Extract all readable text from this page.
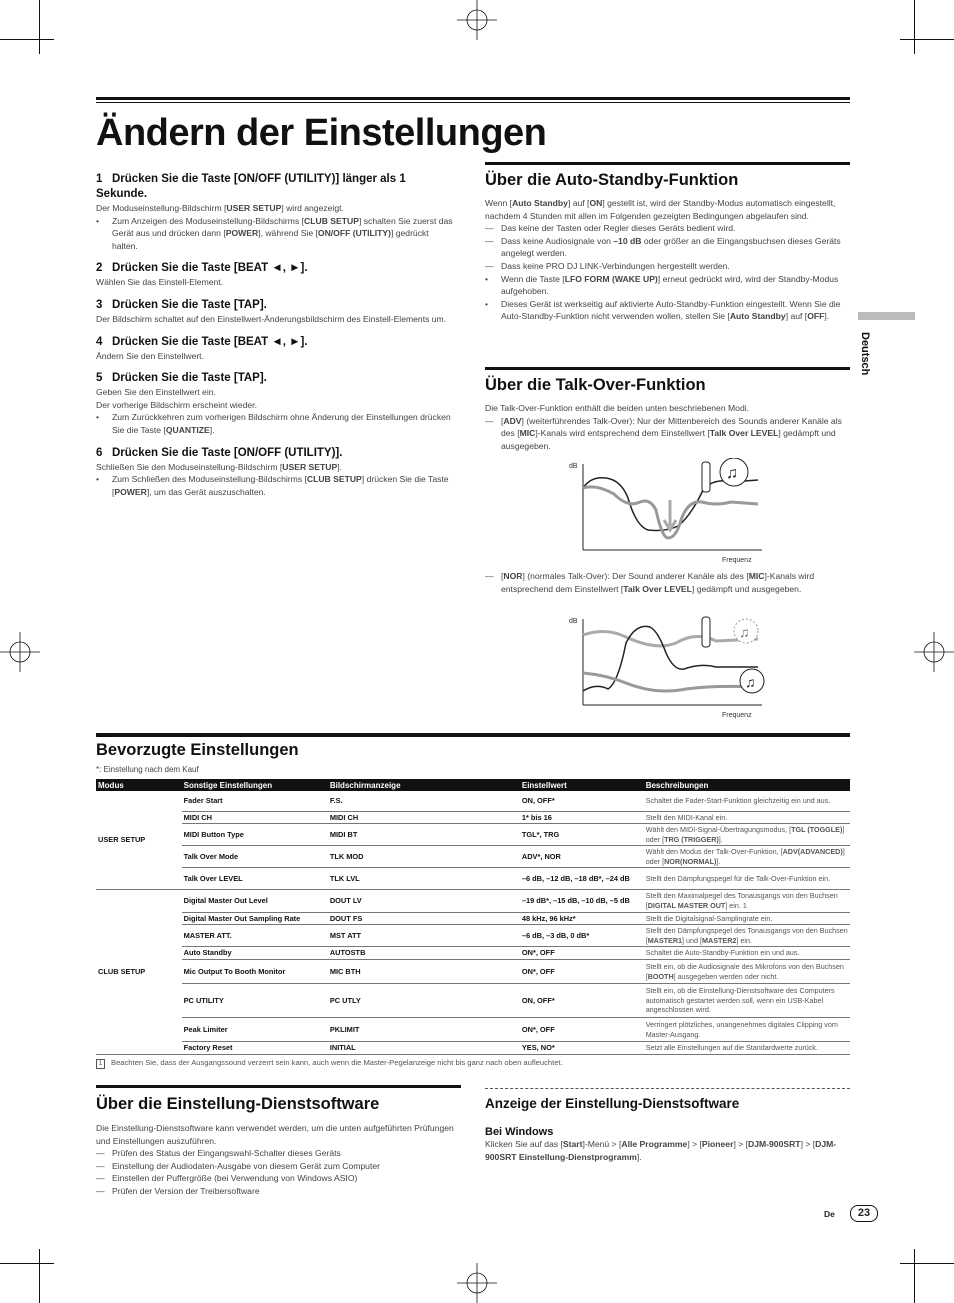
Ändern der Einstellungen

1 Drücken Sie die Taste [ON/OFF (UTILITY)] länger als 1 Sekunde.

Der Moduseinstellung-Bildschirm [USER SETUP] wird angezeigt.

• Zum Anzeigen des Moduseinstellung-Bildschirms [CLUB SETUP] schalten Sie zuerst das Gerät aus und drücken dann [POWER], während Sie [ON/OFF (UTILITY)] gedrückt halten.

2 Drücken Sie die Taste [BEAT ◄, ►].

Wählen Sie das Einstell-Element.

3 Drücken Sie die Taste [TAP].

Der Bildschirm schaltet auf den Einstellwert-Änderungsbildschirm des Einstell-Elements um.

4 Drücken Sie die Taste [BEAT ◄, ►].

Ändern Sie den Einstellwert.

5 Drücken Sie die Taste [TAP].

Geben Sie den Einstellwert ein.

Der vorherige Bildschirm erscheint wieder.

• Zum Zurückkehren zum vorherigen Bildschirm ohne Änderung der Einstellungen drücken Sie die Taste [QUANTIZE].

6 Drücken Sie die Taste [ON/OFF (UTILITY)].

Schließen Sie den Moduseinstellung-Bildschirm [USER SETUP].

• Zum Schließen des Moduseinstellung-Bildschirms [CLUB SETUP] drücken Sie die Taste [POWER], um das Gerät auszuschalten.

Über die Auto-Standby-Funktion

Wenn [Auto Standby] auf [ON] gestellt ist, wird der Standby-Modus automatisch eingestellt, nachdem 4 Stunden mit allen im Folgenden gezeigten Bedingungen abgelaufen sind.

— Das keine der Tasten oder Regler dieses Geräts bedient wird.

— Dass keine Audiosignale von –10 dB oder größer an die Eingangsbuchsen dieses Geräts angelegt werden.

— Dass keine PRO DJ LINK-Verbindungen hergestellt werden.

• Wenn die Taste [LFO FORM (WAKE UP)] erneut gedrückt wird, wird der Standby-Modus aufgehoben.

• Dieses Gerät ist werkseitig auf aktivierte Auto-Standby-Funktion eingestellt. Wenn Sie die Auto-Standby-Funktion nicht verwenden wollen, stellen Sie [Auto Standby] auf [OFF].

Über die Talk-Over-Funktion

Die Talk-Over-Funktion enthält die beiden unten beschriebenen Modi.

— [ADV] (weiterführendes Talk-Over): Nur der Mittenbereich des Sounds anderer Kanäle als des [MIC]-Kanals wird entsprechend dem Einstellwert [Talk Over LEVEL] gedämpft und ausgegeben.

dB	♫
Frequenz

— [NOR] (normales Talk-Over): Der Sound anderer Kanäle als des [MIC]-Kanals wird entsprechend dem Einstellwert [Talk Over LEVEL] gedämpft und ausgegeben.

dB
♫
♫
Frequenz

Bevorzugte Einstellungen

*: Einstellung nach dem Kauf

Modus	Sonstige Einstellungen	Bildschirmanzeige	Einstellwert	Beschreibungen
USER SETUP	Fader Start	F.S.	ON, OFF*	Schaltet die Fader-Start-Funktion gleichzeitig ein und aus.
	MIDI CH	MIDI CH	1* bis 16	Stellt den MIDI-Kanal ein.
	MIDI Button Type	MIDI BT	TGL*, TRG	Wählt den MIDI-Signal-Übertragungsmodus, [TGL (TOGGLE)] oder [TRG (TRIGGER)].
	Talk Over Mode	TLK MOD	ADV*, NOR	Wählt den Modus der Talk-Over-Funktion, [ADV(ADVANCED)] oder [NOR(NORMAL)].
	Talk Over LEVEL	TLK LVL	–6 dB, –12 dB, –18 dB*, –24 dB	Stellt den Dämpfungspegel für die Talk-Over-Funktion ein.
CLUB SETUP	Digital Master Out Level	DOUT LV	–19 dB*, –15 dB, –10 dB, –5 dB	Stellt den Maximalpegel des Tonausgangs von den Buchsen [DIGITAL MASTER OUT] ein. 1
	Digital Master Out Sampling Rate	DOUT FS	48 kHz, 96 kHz*	Stellt die Digitalsignal-Samplingrate ein.
	MASTER ATT.	MST ATT	–6 dB, –3 dB, 0 dB*	Stellt den Dämpfungspegel des Tonausgangs von den Buchsen [MASTER1] und [MASTER2] ein.
	Auto Standby	AUTOSTB	ON*, OFF	Schaltet die Auto-Standby-Funktion ein und aus.
	Mic Output To Booth Monitor	MIC BTH	ON*, OFF	Stellt ein, ob die Audiosignale des Mikrofons von den Buchsen [BOOTH] ausgegeben werden oder nicht.
	PC UTILITY	PC UTLY	ON, OFF*	Stellt ein, ob die Einstellung-Dienstsoftware des Computers automatisch gestartet werden soll, wenn ein USB-Kabel angeschlossen wird.
	Peak Limiter	PKLIMIT	ON*, OFF	Verringert plötzliches, unangenehmes digitales Clipping vom Master-Ausgang.
	Factory Reset	INITIAL	YES, NO*	Setzt alle Einstellungen auf die Standardwerte zurück.
1 Beachten Sie, dass der Ausgangssound verzerrt sein kann, auch wenn die Master-Pegelanzeige nicht bis ganz nach oben aufleuchtet.

Über die Einstellung-Dienstsoftware

Die Einstellung-Dienstsoftware kann verwendet werden, um die unten aufgeführten Prüfungen und Einstellungen auszuführen.

— Prüfen des Status der Eingangswahl-Schalter dieses Geräts

— Einstellung der Audiodaten-Ausgabe von diesem Gerät zum Computer

— Einstellen der Puffergröße (bei Verwendung von Windows ASIO)

— Prüfen der Version der Treibersoftware

Anzeige der Einstellung-Dienstsoftware

Bei Windows

Klicken Sie auf das [Start]-Menü > [Alle Programme] > [Pioneer] > [DJM-900SRT] > [DJM-900SRT Einstellung-Dienstprogramm].

Deutsch
De	23
